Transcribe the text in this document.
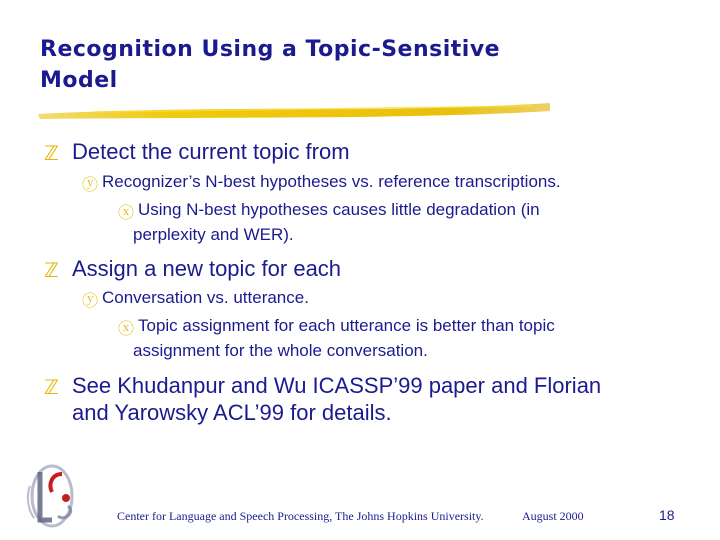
Recognition Using a Topic-Sensitive
Model
ℤ Detect the current topic from
ⓨ Recognizer’s N-best hypotheses vs. reference transcriptions.
ⓧ Using N-best hypotheses causes little degradation (in
perplexity and WER).
ℤ Assign a new topic for each
ⓨ Conversation vs. utterance.
ⓧ Topic assignment for each utterance is better than topic
assignment for the whole conversation.
ℤ See Khudanpur and Wu ICASSP’99 paper and Florian
and Yarowsky ACL’99 for details.
Center for Language and Speech Processing, The Johns Hopkins University.	August 2000	18
